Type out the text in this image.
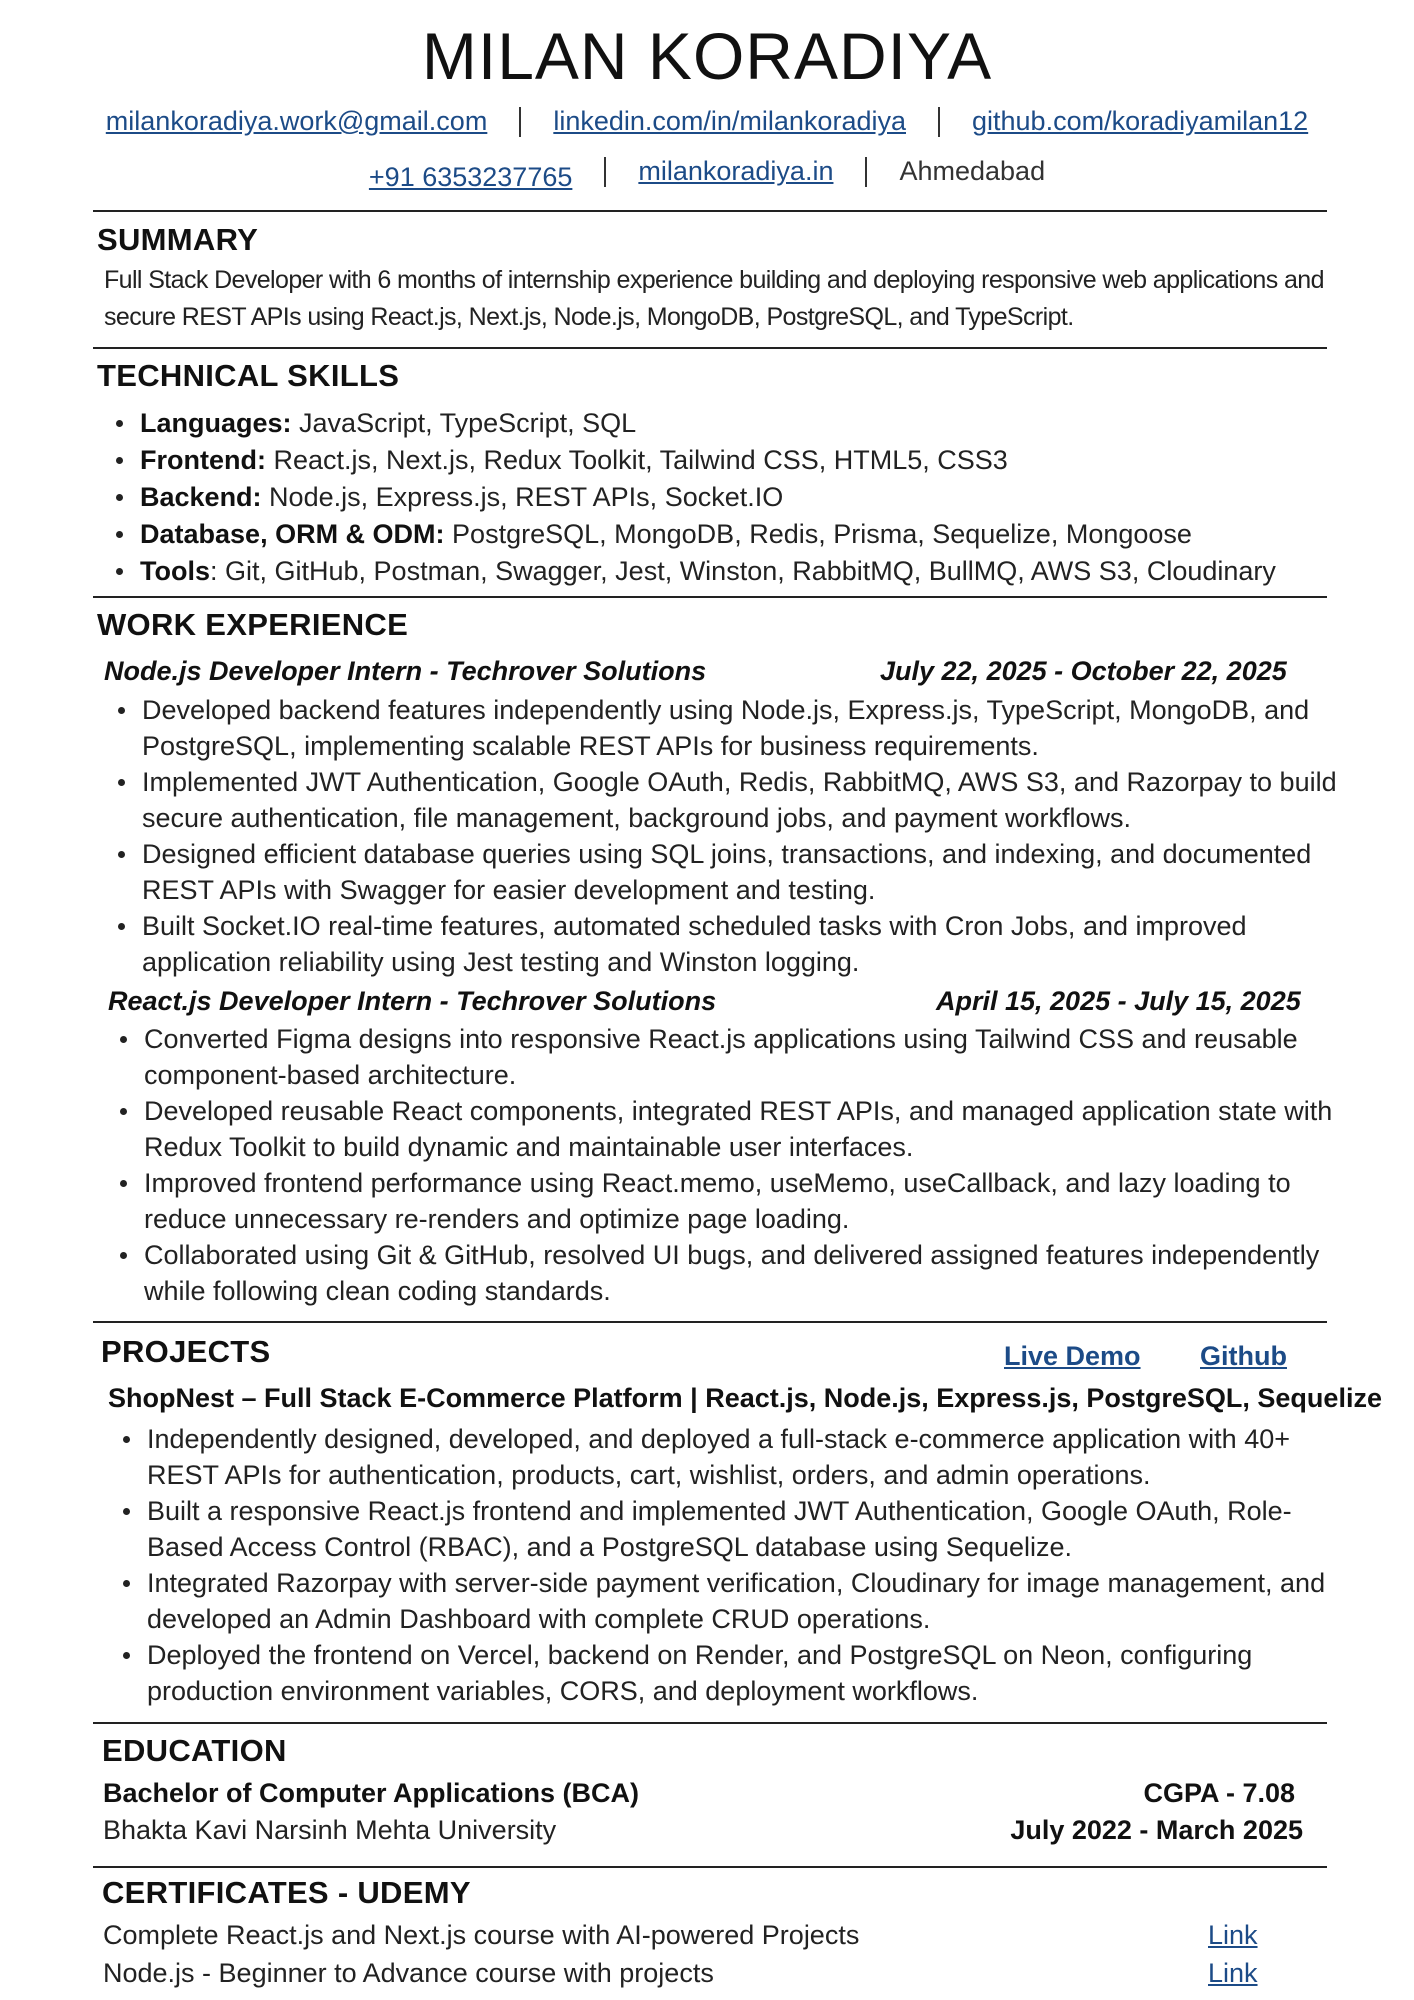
MILAN KORADIYA
milankoradiya.work@gmail.com linkedin.com/in/milankoradiya github.com/koradiyamilan12
+91 6353237765 milankoradiya.in Ahmedabad
SUMMARY
Full Stack Developer with 6 months of internship experience building and deploying responsive web applications and secure REST APIs using React.js, Next.js, Node.js, MongoDB, PostgreSQL, and TypeScript.
TECHNICAL SKILLS
Languages: JavaScript, TypeScript, SQL
Frontend: React.js, Next.js, Redux Toolkit, Tailwind CSS, HTML5, CSS3
Backend: Node.js, Express.js, REST APIs, Socket.IO
Database, ORM & ODM: PostgreSQL, MongoDB, Redis, Prisma, Sequelize, Mongoose
Tools: Git, GitHub, Postman, Swagger, Jest, Winston, RabbitMQ, BullMQ, AWS S3, Cloudinary
WORK EXPERIENCE
Node.js Developer Intern - Techrover Solutions	July 22, 2025 - October 22, 2025
Developed backend features independently using Node.js, Express.js, TypeScript, MongoDB, and PostgreSQL, implementing scalable REST APIs for business requirements.
Implemented JWT Authentication, Google OAuth, Redis, RabbitMQ, AWS S3, and Razorpay to build secure authentication, file management, background jobs, and payment workflows.
Designed efficient database queries using SQL joins, transactions, and indexing, and documented REST APIs with Swagger for easier development and testing.
Built Socket.IO real-time features, automated scheduled tasks with Cron Jobs, and improved application reliability using Jest testing and Winston logging.
React.js Developer Intern - Techrover Solutions	April 15, 2025 - July 15, 2025
Converted Figma designs into responsive React.js applications using Tailwind CSS and reusable component-based architecture.
Developed reusable React components, integrated REST APIs, and managed application state with Redux Toolkit to build dynamic and maintainable user interfaces.
Improved frontend performance using React.memo, useMemo, useCallback, and lazy loading to reduce unnecessary re-renders and optimize page loading.
Collaborated using Git & GitHub, resolved UI bugs, and delivered assigned features independently while following clean coding standards.
PROJECTS	Live Demo Github
ShopNest – Full Stack E-Commerce Platform | React.js, Node.js, Express.js, PostgreSQL, Sequelize
Independently designed, developed, and deployed a full-stack e-commerce application with 40+ REST APIs for authentication, products, cart, wishlist, orders, and admin operations.
Built a responsive React.js frontend and implemented JWT Authentication, Google OAuth, Role-Based Access Control (RBAC), and a PostgreSQL database using Sequelize.
Integrated Razorpay with server-side payment verification, Cloudinary for image management, and developed an Admin Dashboard with complete CRUD operations.
Deployed the frontend on Vercel, backend on Render, and PostgreSQL on Neon, configuring production environment variables, CORS, and deployment workflows.
EDUCATION
Bachelor of Computer Applications (BCA)	CGPA - 7.08
Bhakta Kavi Narsinh Mehta University	July 2022 - March 2025
CERTIFICATES - UDEMY
Complete React.js and Next.js course with AI-powered Projects	Link
Node.js - Beginner to Advance course with projects	Link
